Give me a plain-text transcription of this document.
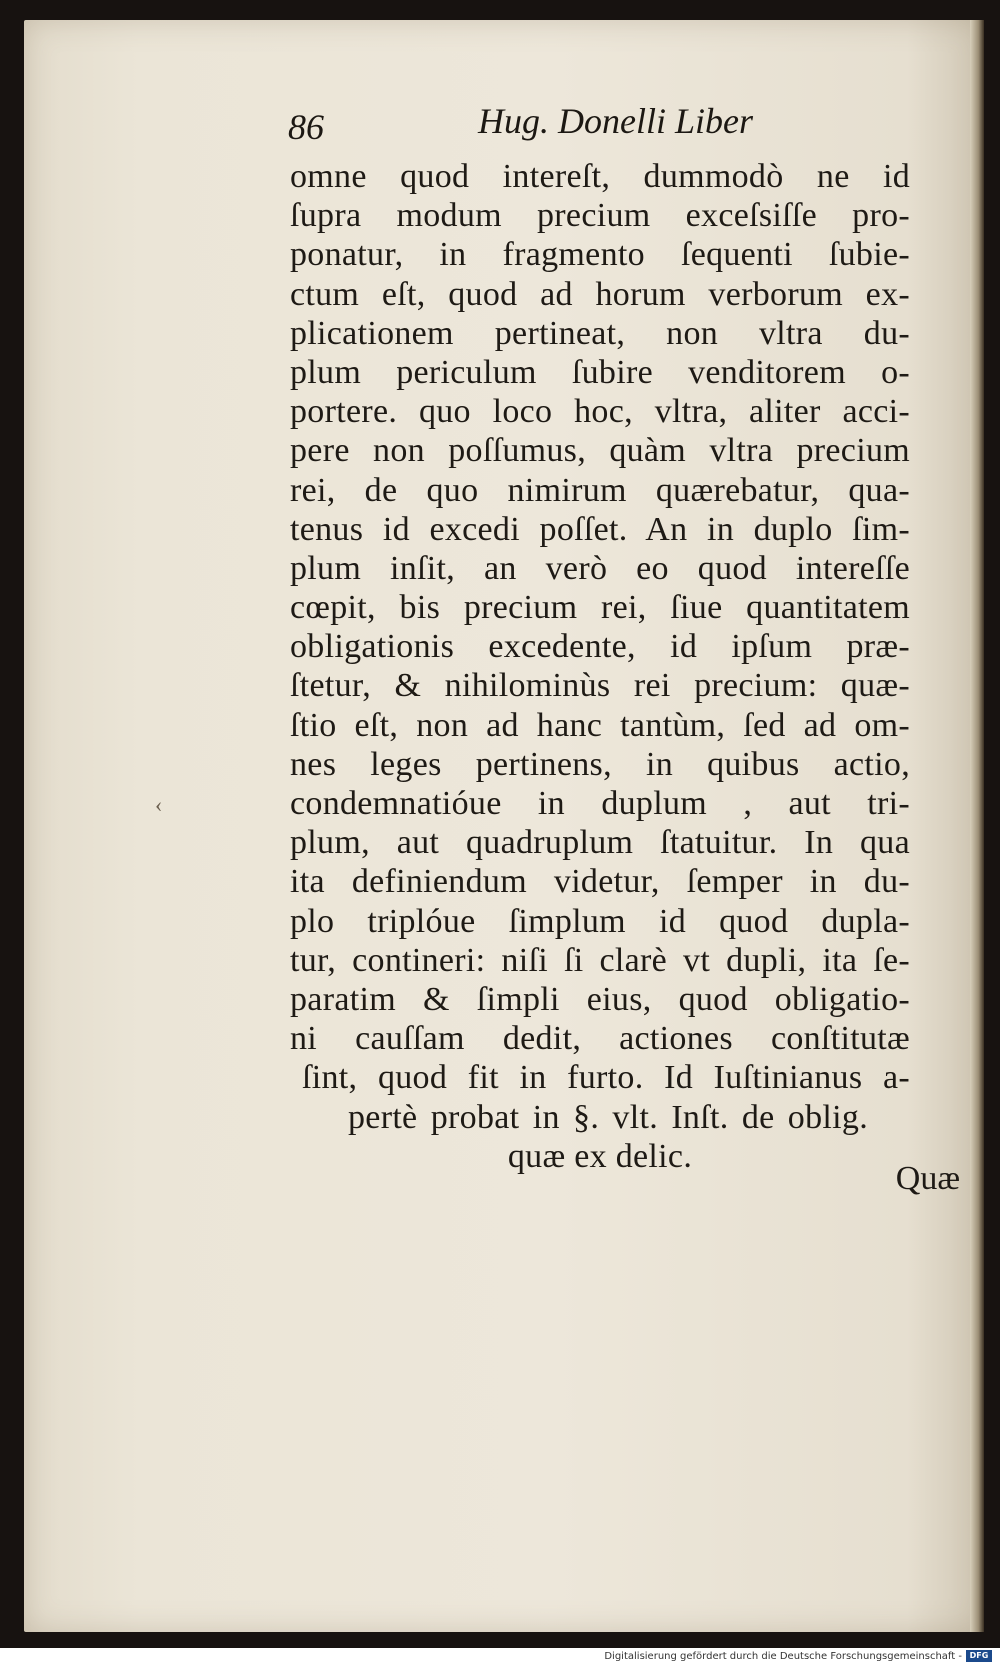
86	Hug. Donelli Liber
omne quod intereſt, dummodò ne id
ſupra modum precium exceſsiſſe pro-
ponatur, in fragmento ſequenti ſubie-
ctum eſt, quod ad horum verborum ex-
plicationem pertineat, non vltra du-
plum periculum ſubire venditorem o-
portere. quo loco hoc, vltra, aliter acci-
pere non poſſumus, quàm vltra precium
rei, de quo nimirum quærebatur, qua-
tenus id excedi poſſet. An in duplo ſim-
plum inſit, an verò eo quod intereſſe
cœpit, bis precium rei, ſiue quantitatem
obligationis excedente, id ipſum præ-
ſtetur, & nihilominùs rei precium: quæ-
ſtio eſt, non ad hanc tantùm, ſed ad om-
nes leges pertinens, in quibus actio,
condemnatióue in duplum , aut tri-
plum, aut quadruplum ſtatuitur. In qua
ita definiendum videtur, ſemper in du-
plo triplóue ſimplum id quod dupla-
tur, contineri: niſi ſi clarè vt dupli, ita ſe-
paratim & ſimpli eius, quod obligatio-
ni cauſſam dedit, actiones conſtitutæ
ſint, quod fit in furto. Id Iuſtinianus a-
pertè probat in §. vlt. Inſt. de oblig.
quæ ex delic.
Quæ
‹
Digitalisierung gefördert durch die Deutsche Forschungsgemeinschaft - DFG
